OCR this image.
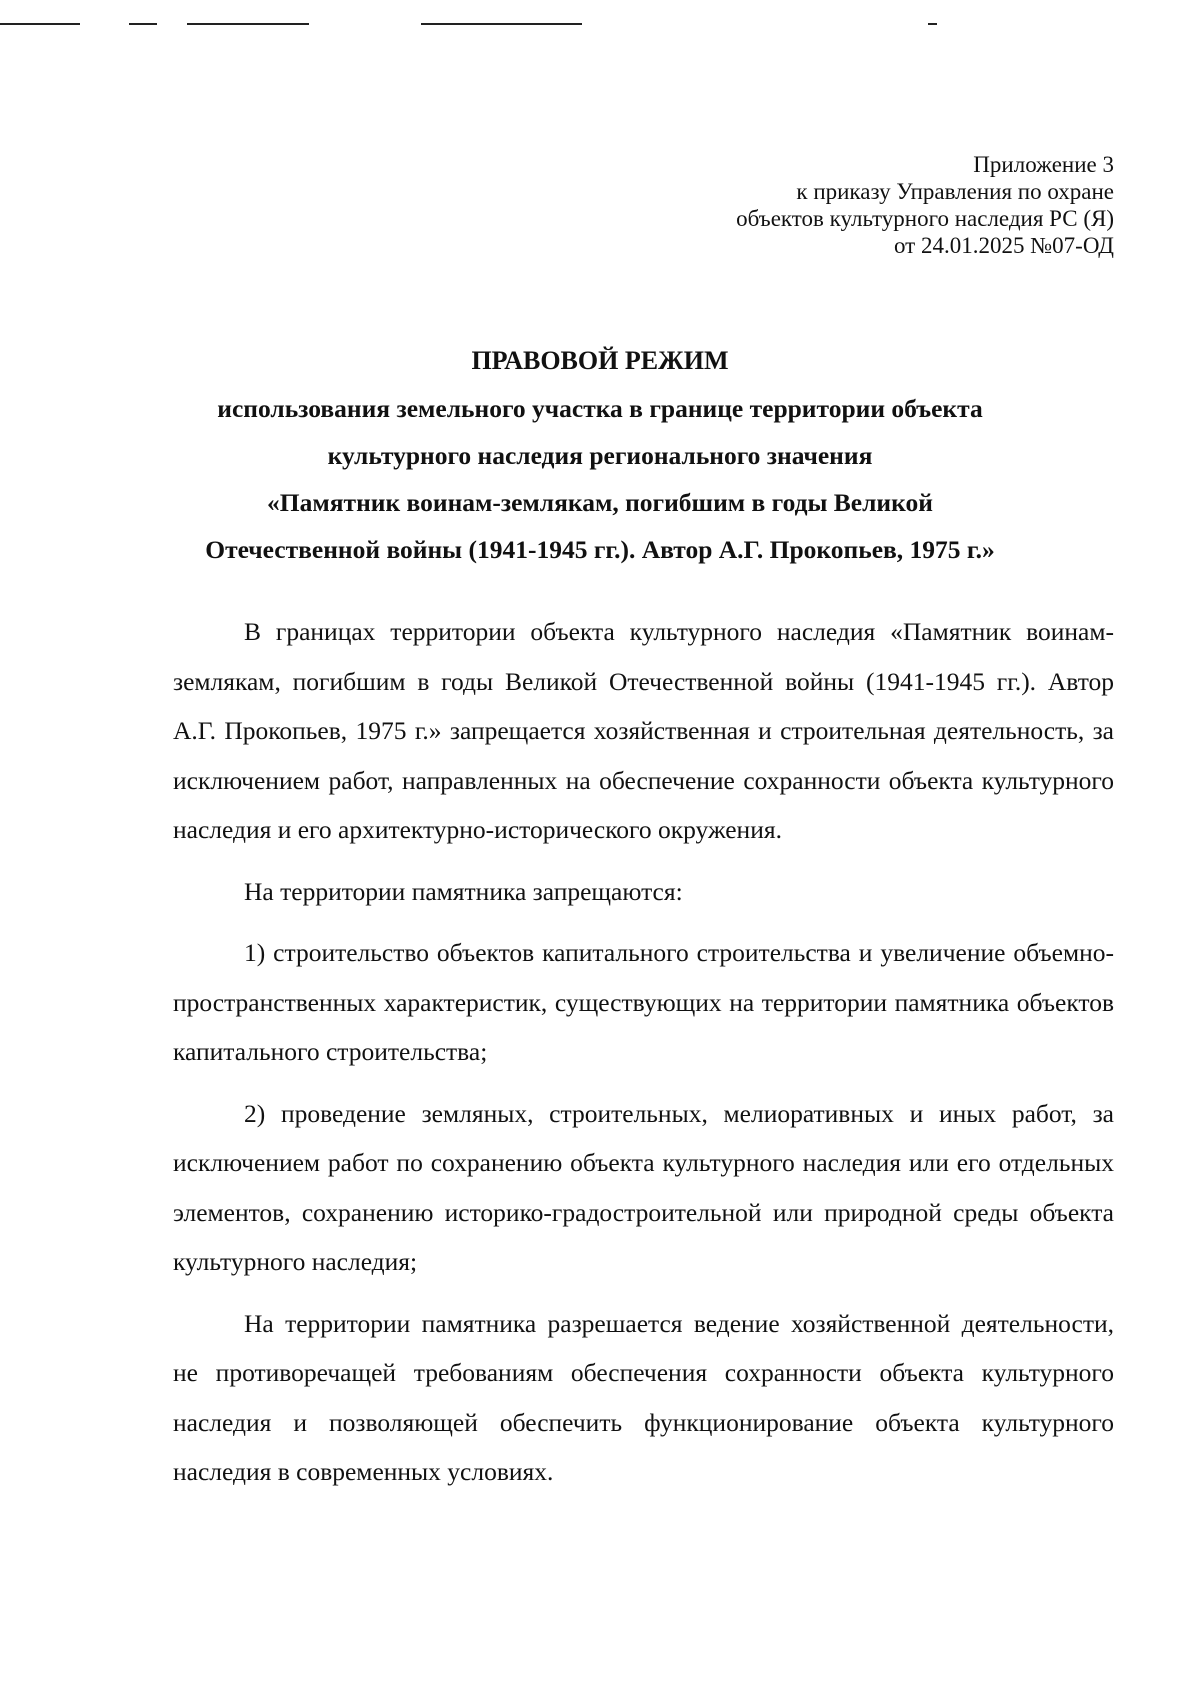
Приложение 3
к приказу Управления по охране
объектов культурного наследия РС (Я)
от 24.01.2025 №07-ОД
ПРАВОВОЙ РЕЖИМ
использования земельного участка в границе территории объекта
культурного наследия регионального значения
«Памятник воинам-землякам, погибшим в годы Великой
Отечественной войны (1941-1945 гг.). Автор А.Г. Прокопьев, 1975 г.»

В границах территории объекта культурного наследия «Памятник воинам-землякам, погибшим в годы Великой Отечественной войны (1941-1945 гг.). Автор А.Г. Прокопьев, 1975 г.» запрещается хозяйственная и строительная деятельность, за исключением работ, направленных на обеспечение сохранности объекта культурного наследия и его архитектурно-исторического окружения.

На территории памятника запрещаются:

1) строительство объектов капитального строительства и увеличение объемно-пространственных характеристик, существующих на территории памятника объектов капитального строительства;

2) проведение земляных, строительных, мелиоративных и иных работ, за исключением работ по сохранению объекта культурного наследия или его отдельных элементов, сохранению историко-градостроительной или природной среды объекта культурного наследия;

На территории памятника разрешается ведение хозяйственной деятельности, не противоречащей требованиям обеспечения сохранности объекта культурного наследия и позволяющей обеспечить функционирование объекта культурного наследия в современных условиях.
